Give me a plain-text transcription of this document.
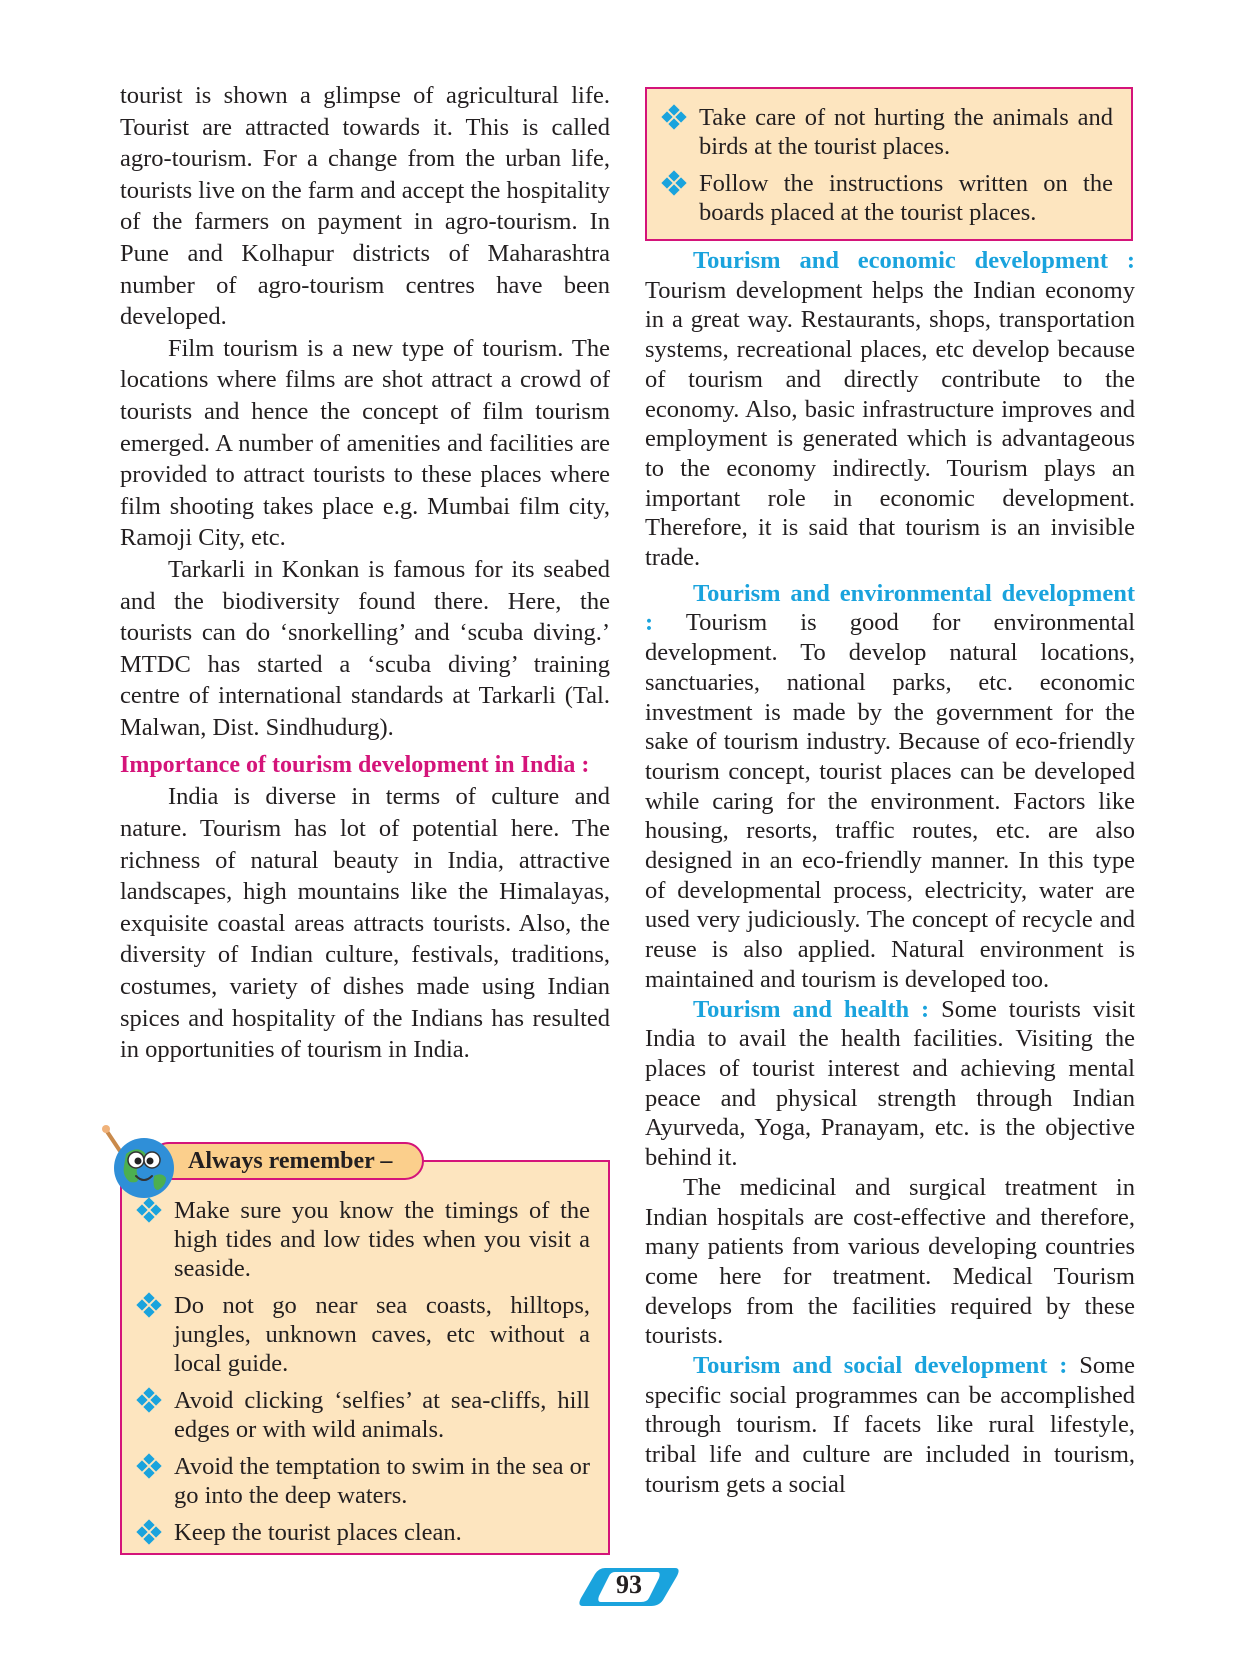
tourist is shown a glimpse of agricultural life. Tourist are attracted towards it. This is called agro-tourism. For a change from the urban life, tourists live on the farm and accept the hospitality of the farmers on payment in agro-tourism. In Pune and Kolhapur districts of Maharashtra number of agro-tourism centres have been developed.

Film tourism is a new type of tourism. The locations where films are shot attract a crowd of tourists and hence the concept of film tourism emerged. A number of amenities and facilities are provided to attract tourists to these places where film shooting takes place e.g. Mumbai film city, Ramoji City, etc.

Tarkarli in Konkan is famous for its seabed and the biodiversity found there. Here, the tourists can do ‘snorkelling’ and ‘scuba diving.’ MTDC has started a ‘scuba diving’ training centre of international standards at Tarkarli (Tal. Malwan, Dist. Sindhudurg).

Importance of tourism development in India :

India is diverse in terms of culture and nature. Tourism has lot of potential here. The richness of natural beauty in India, attractive landscapes, high mountains like the Himalayas, exquisite coastal areas attracts tourists. Also, the diversity of Indian culture, festivals, traditions, costumes, variety of dishes made using Indian spices and hospitality of the Indians has resulted in opportunities of tourism in India.

Take care of not hurting the animals and birds at the tourist places.
Follow the instructions written on the boards placed at the tourist places.

Tourism and economic development : Tourism development helps the Indian economy in a great way. Restaurants, shops, transportation systems, recreational places, etc develop because of tourism and directly contribute to the economy. Also, basic infrastructure improves and employment is generated which is advantageous to the economy indirectly. Tourism plays an important role in economic development. Therefore, it is said that tourism is an invisible trade.

Tourism and environmental development : Tourism is good for environmental development. To develop natural locations, sanctuaries, national parks, etc. economic investment is made by the government for the sake of tourism industry. Because of eco-friendly tourism concept, tourist places can be developed while caring for the environment. Factors like housing, resorts, traffic routes, etc. are also designed in an eco-friendly manner. In this type of developmental process, electricity, water are used very judiciously. The concept of recycle and reuse is also applied. Natural environment is maintained and tourism is developed too.

Tourism and health : Some tourists visit India to avail the health facilities. Visiting the places of tourist interest and achieving mental peace and physical strength through Indian Ayurveda, Yoga, Pranayam, etc. is the objective behind it.

The medicinal and surgical treatment in Indian hospitals are cost-effective and therefore, many patients from various developing countries come here for treatment. Medical Tourism develops from the facilities required by these tourists.

Tourism and social development : Some specific social programmes can be accomplished through tourism. If facets like rural lifestyle, tribal life and culture are included in tourism, tourism gets a social

Make sure you know the timings of the high tides and low tides when you visit a seaside.
Do not go near sea coasts, hilltops, jungles, unknown caves, etc without a local guide.
Avoid clicking ‘selfies’ at sea-cliffs, hill edges or with wild animals.
Avoid the temptation to swim in the sea or go into the deep waters.
Keep the tourist places clean.
Always remember –
93
